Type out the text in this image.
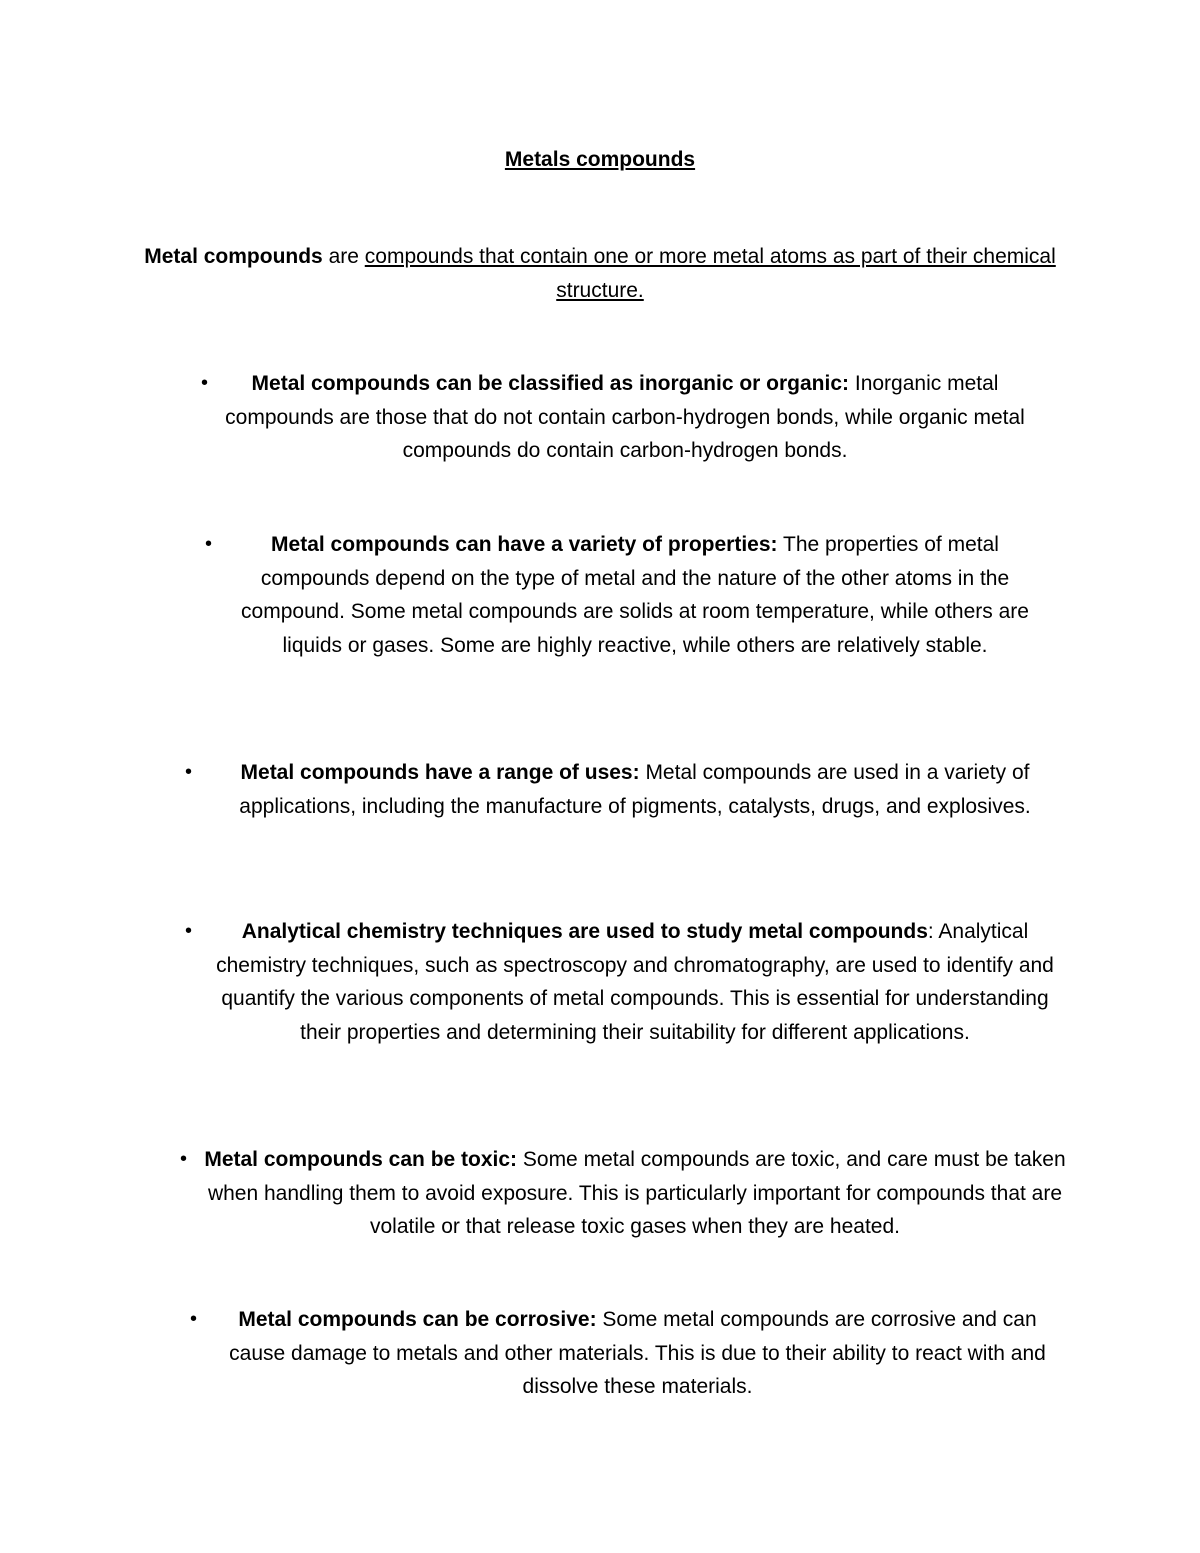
Metals compounds
Metal compounds are compounds that contain one or more metal atoms as part of their chemical structure.
• Metal compounds can be classified as inorganic or organic: Inorganic metal compounds are those that do not contain carbon-hydrogen bonds, while organic metal compounds do contain carbon-hydrogen bonds.
•	Metal compounds can have a variety of properties: The properties of metal compounds depend on the type of metal and the nature of the other atoms in the compound. Some metal compounds are solids at room temperature, while others are liquids or gases. Some are highly reactive, while others are relatively stable.
• Metal compounds have a range of uses: Metal compounds are used in a variety of applications, including the manufacture of pigments, catalysts, drugs, and explosives.
• Analytical chemistry techniques are used to study metal compounds: Analytical chemistry techniques, such as spectroscopy and chromatography, are used to identify and quantify the various components of metal compounds. This is essential for understanding their properties and determining their suitability for different applications.
• Metal compounds can be toxic: Some metal compounds are toxic, and care must be taken when handling them to avoid exposure. This is particularly important for compounds that are volatile or that release toxic gases when they are heated.
• Metal compounds can be corrosive: Some metal compounds are corrosive and can cause damage to metals and other materials. This is due to their ability to react with and dissolve these materials.
